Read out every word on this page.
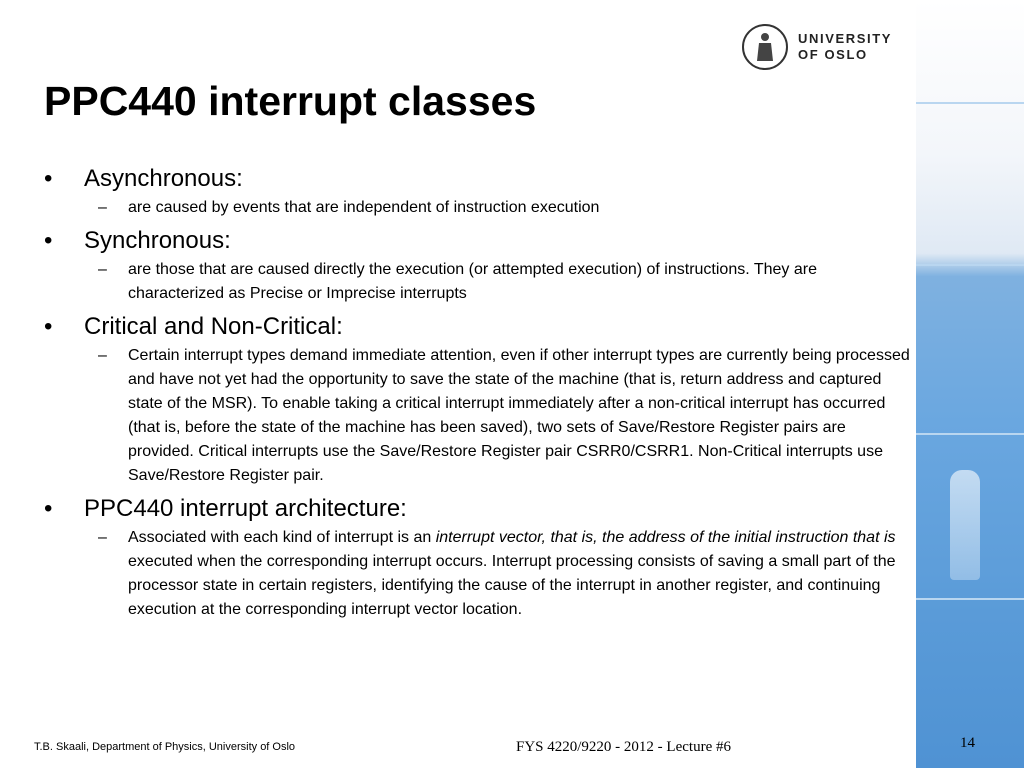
UNIVERSITY
OF OSLO
PPC440 interrupt classes
• Asynchronous:
– are caused by events that are independent of instruction execution
• Synchronous:
– are those that are caused directly the execution (or attempted execution) of instructions. They are characterized as Precise or Imprecise interrupts
• Critical and Non-Critical:
– Certain interrupt types demand immediate attention, even if other interrupt types are currently being processed and have not yet had the opportunity to save the state of the machine (that is, return address and captured state of the MSR). To enable taking a critical interrupt immediately after a non-critical interrupt has occurred (that is, before the state of the machine has been saved), two sets of Save/Restore Register pairs are provided. Critical interrupts use the Save/Restore Register pair CSRR0/CSRR1. Non-Critical interrupts use Save/Restore Register pair.
• PPC440 interrupt architecture:
– Associated with each kind of interrupt is an interrupt vector, that is, the address of the initial instruction that is executed when the corresponding interrupt occurs. Interrupt processing consists of saving a small part of the processor state in certain registers, identifying the cause of the interrupt in another register, and continuing execution at the corresponding interrupt vector location.
T.B. Skaali, Department of Physics, University of Oslo	FYS 4220/9220 - 2012 - Lecture #6	14
